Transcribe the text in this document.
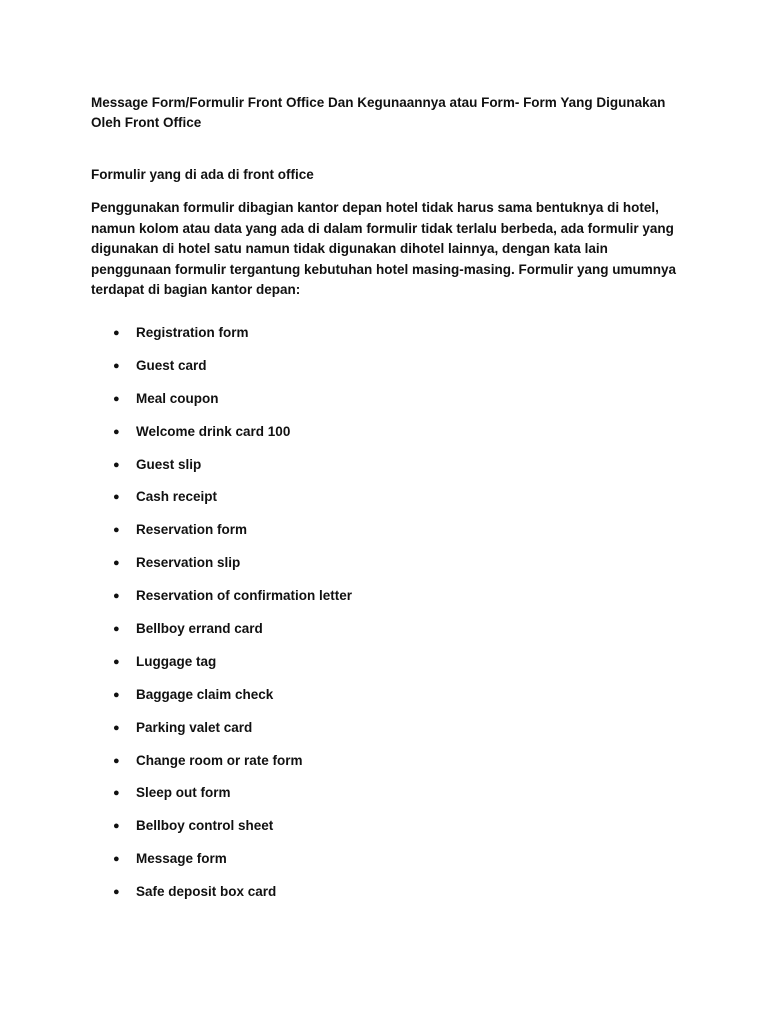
Message Form/Formulir Front Office Dan Kegunaannya atau Form- Form Yang Digunakan Oleh Front Office

Formulir yang di ada di front office

Penggunakan formulir dibagian kantor depan hotel tidak harus sama bentuknya di hotel, namun kolom atau data yang ada di dalam formulir tidak terlalu berbeda, ada formulir yang digunakan di hotel satu namun tidak digunakan dihotel lainnya, dengan kata lain penggunaan formulir tergantung kebutuhan hotel masing-masing. Formulir yang umumnya terdapat di bagian kantor depan:

● Registration form
● Guest card
● Meal coupon
● Welcome drink card 100
● Guest slip
● Cash receipt
● Reservation form
● Reservation slip
● Reservation of confirmation letter
● Bellboy errand card
● Luggage tag
● Baggage claim check
● Parking valet card
● Change room or rate form
● Sleep out form
● Bellboy control sheet
● Message form
● Safe deposit box card
